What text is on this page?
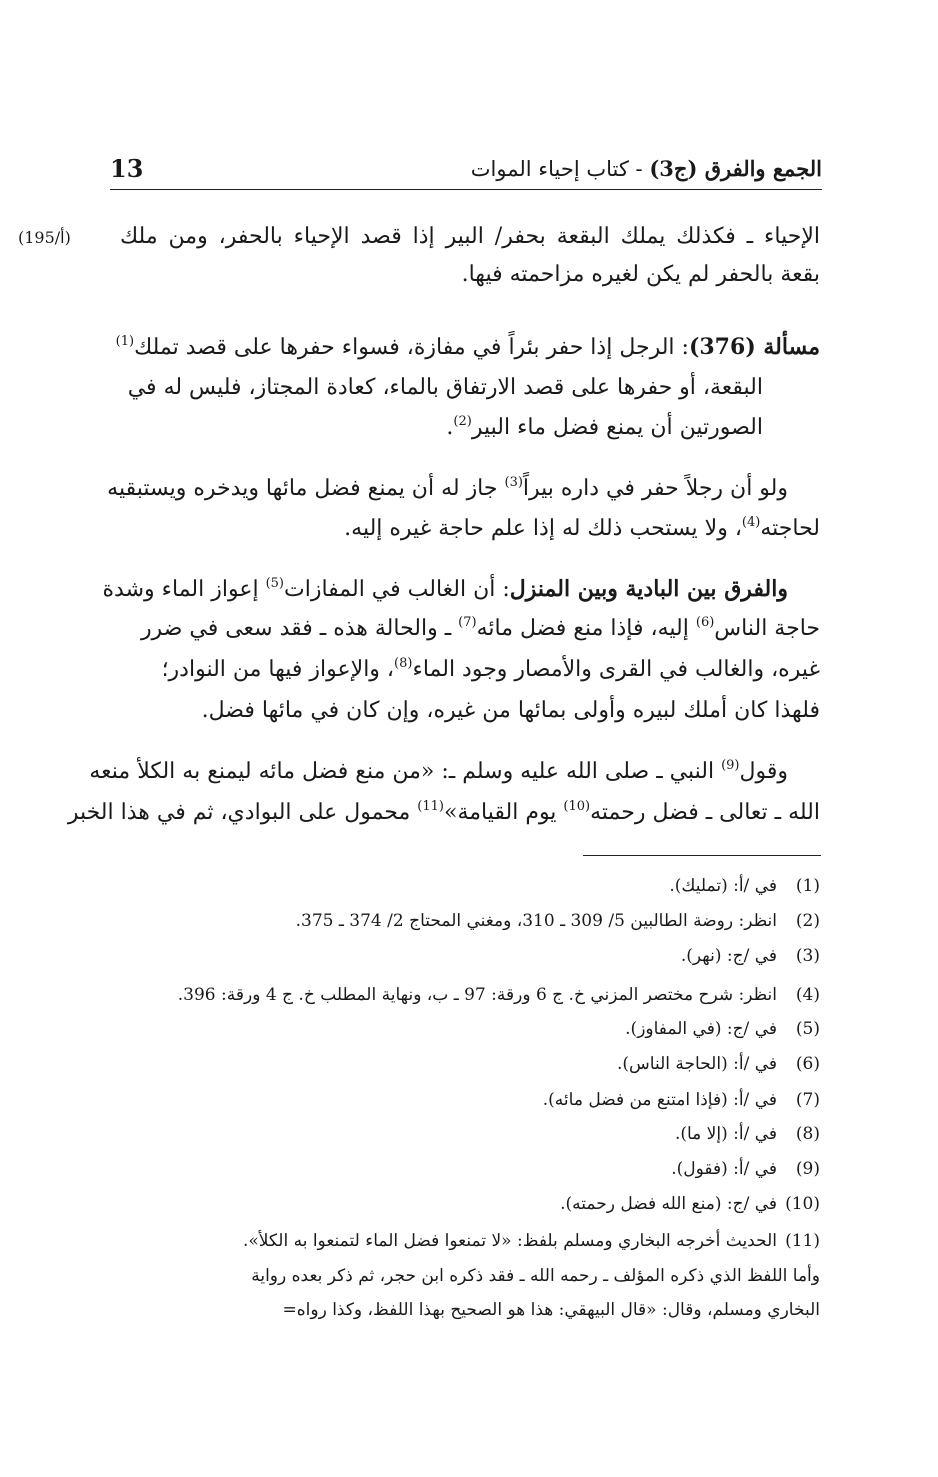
الجمع والفرق (ج3) - كتاب إحياء الموات
13
(195/أ) الإحياء ـ فكذلك يملك البقعة بحفر/ البير إذا قصد الإحياء بالحفر، ومن ملك
بقعة بالحفر لم يكن لغيره مزاحمته فيها.
مسألة (376): الرجل إذا حفر بئراً في مفازة، فسواء حفرها على قصد تملك$^{(1)}$
البقعة، أو حفرها على قصد الارتفاق بالماء، كعادة المجتاز، فليس له في
الصورتين أن يمنع فضل ماء البير$^{(2)}$.
ولو أن رجلاً حفر في داره بيراً$^{(3)}$ جاز له أن يمنع فضل مائها ويدخره ويستبقيه
لحاجته$^{(4)}$، ولا يستحب ذلك له إذا علم حاجة غيره إليه.
والفرق بين البادية وبين المنزل: أن الغالب في المفازات$^{(5)}$ إعواز الماء وشدة
حاجة الناس$^{(6)}$ إليه، فإذا منع فضل مائه$^{(7)}$ ـ والحالة هذه ـ فقد سعى في ضرر
غيره، والغالب في القرى والأمصار وجود الماء$^{(8)}$، والإعواز فيها من النوادر؛
فلهذا كان أملك لبيره وأولى بمائها من غيره، وإن كان في مائها فضل.
وقول$^{(9)}$ النبي ـ صلى الله عليه وسلم ـ: «من منع فضل مائه ليمنع به الكلأ منعه
الله ـ تعالى ـ فضل رحمته$^{(10)}$ يوم القيامة»$^{(11)}$ محمول على البوادي، ثم في هذا الخبر
(1)
في /أ: (تمليك).
(2)
انظر: روضة الطالبين 5/ 309 ـ 310، ومغني المحتاج 2/ 374 ـ 375.
(3)
في /ج: (نهر).
(4)
انظر: شرح مختصر المزني خ. ج 6 ورقة: 97 ـ ب، ونهاية المطلب خ. ج 4 ورقة: 396.
(5)
في /ج: (في المفاوز).
(6)
في /أ: (الحاجة الناس).
(7)
في /أ: (فإذا امتنع من فضل مائه).
(8)
في /أ: (إلا ما).
(9)
في /أ: (فقول).
(10)
في /ج: (منع الله فضل رحمته).
(11)
الحديث أخرجه البخاري ومسلم بلفظ: «لا تمنعوا فضل الماء لتمنعوا به الكلأ».
وأما اللفظ الذي ذكره المؤلف ـ رحمه الله ـ فقد ذكره ابن حجر، ثم ذكر بعده رواية
البخاري ومسلم، وقال: «قال البيهقي: هذا هو الصحيح بهذا اللفظ، وكذا رواه=
